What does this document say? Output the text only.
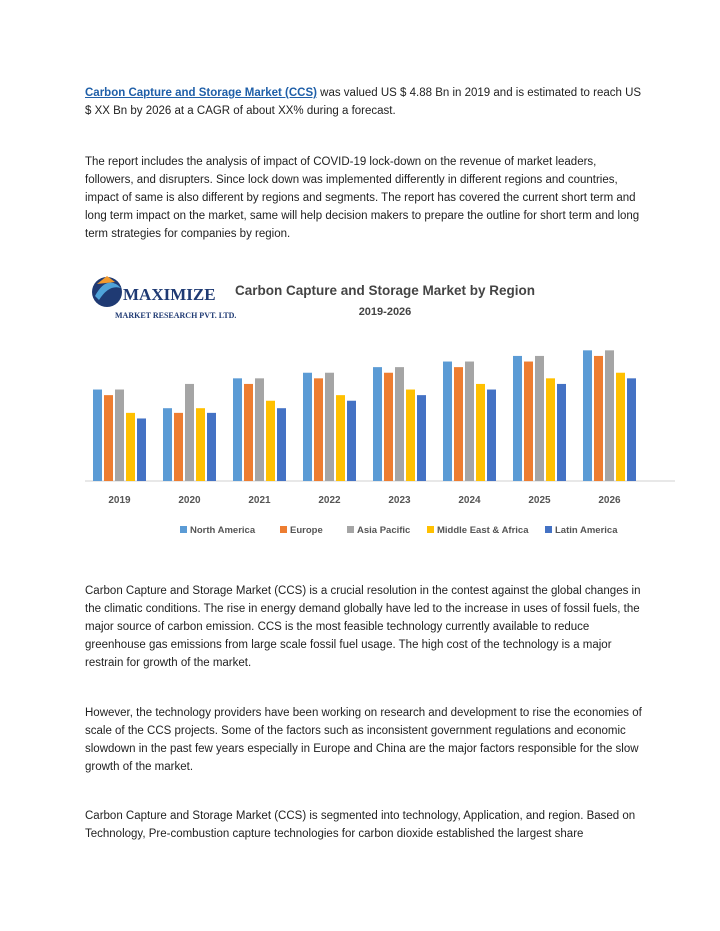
Carbon Capture and Storage Market (CCS) was valued US $ 4.88 Bn in 2019 and is estimated to reach US $ XX Bn by 2026 at a CAGR of about XX% during a forecast.

The report includes the analysis of impact of COVID-19 lock-down on the revenue of market leaders, followers, and disrupters. Since lock down was implemented differently in different regions and countries, impact of same is also different by regions and segments. The report has covered the current short term and long term impact on the market, same will help decision makers to prepare the outline for short term and long term strategies for companies by region.

MAXIMIZE
MARKET RESEARCH PVT. LTD.
Carbon Capture and Storage Market by Region
2019-2026
2019	2020	2021	2022	2023	2024	2025	2026
North America	Europe	Asia Pacific	Middle East & Africa	Latin America

Carbon Capture and Storage Market (CCS) is a crucial resolution in the contest against the global changes in the climatic conditions. The rise in energy demand globally have led to the increase in uses of fossil fuels, the major source of carbon emission. CCS is the most feasible technology currently available to reduce greenhouse gas emissions from large scale fossil fuel usage. The high cost of the technology is a major restrain for growth of the market.

However, the technology providers have been working on research and development to rise the economies of scale of the CCS projects. Some of the factors such as inconsistent government regulations and economic slowdown in the past few years especially in Europe and China are the major factors responsible for the slow growth of the market.

Carbon Capture and Storage Market (CCS) is segmented into technology, Application, and region. Based on Technology, Pre-combustion capture technologies for carbon dioxide established the largest share
